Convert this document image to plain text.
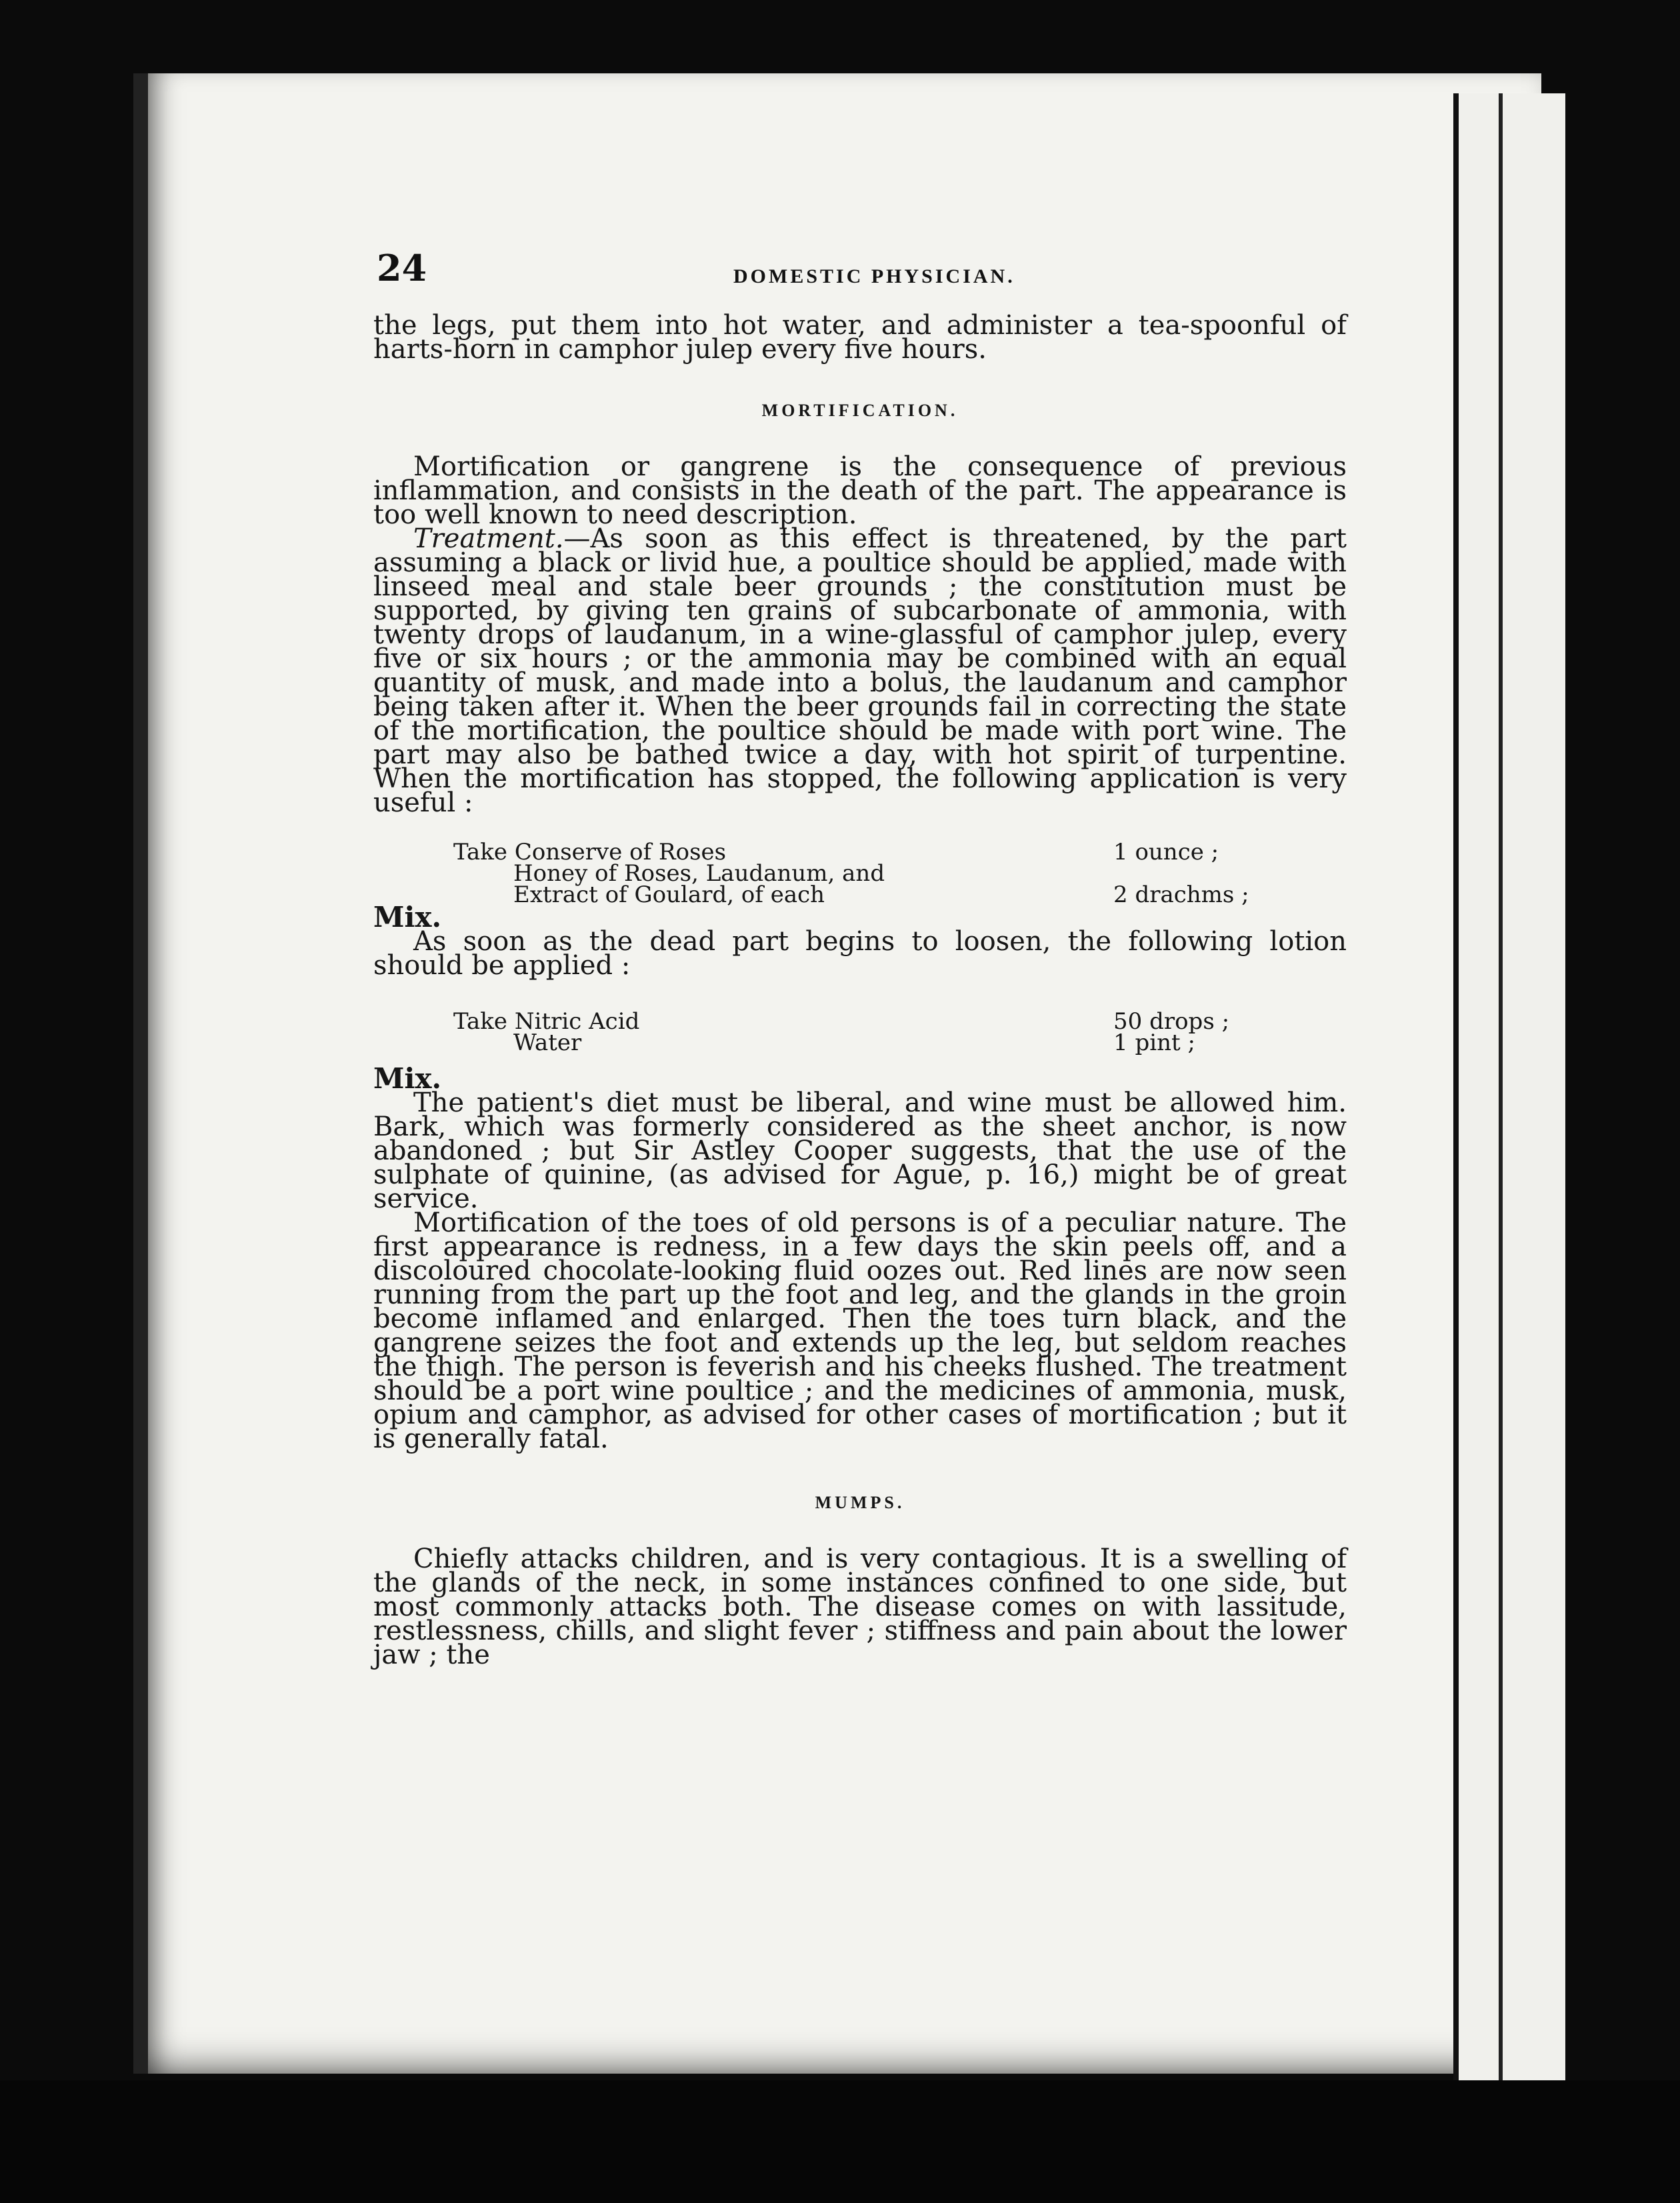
24	DOMESTIC PHYSICIAN.

the legs, put them into hot water, and administer a tea-spoonful of harts-horn in camphor julep every five hours.

MORTIFICATION.

Mortification or gangrene is the consequence of previous inflammation, and consists in the death of the part. The appearance is too well known to need description.

Treatment.—As soon as this effect is threatened, by the part assuming a black or livid hue, a poultice should be applied, made with linseed meal and stale beer grounds ; the constitution must be supported, by giving ten grains of subcarbonate of ammonia, with twenty drops of laudanum, in a wine-glassful of camphor julep, every five or six hours ; or the ammonia may be combined with an equal quantity of musk, and made into a bolus, the laudanum and camphor being taken after it. When the beer grounds fail in correcting the state of the mortification, the poultice should be made with port wine. The part may also be bathed twice a day, with hot spirit of turpentine. When the mortification has stopped, the following application is very useful :

Take Conserve of Roses	1 ounce ;
Honey of Roses, Laudanum, and
Extract of Goulard, of each	2 drachms ;

Mix.

As soon as the dead part begins to loosen, the following lotion should be applied :

Take Nitric Acid	50 drops ;
Water	1 pint ;

Mix.

The patient's diet must be liberal, and wine must be allowed him. Bark, which was formerly considered as the sheet anchor, is now abandoned ; but Sir Astley Cooper suggests, that the use of the sulphate of quinine, (as advised for Ague, p. 16,) might be of great service.

Mortification of the toes of old persons is of a peculiar nature. The first appearance is redness, in a few days the skin peels off, and a discoloured chocolate-looking fluid oozes out. Red lines are now seen running from the part up the foot and leg, and the glands in the groin become inflamed and enlarged. Then the toes turn black, and the gangrene seizes the foot and extends up the leg, but seldom reaches the thigh. The person is feverish and his cheeks flushed. The treatment should be a port wine poultice ; and the medicines of ammonia, musk, opium and camphor, as advised for other cases of mortification ; but it is generally fatal.

MUMPS.

Chiefly attacks children, and is very contagious. It is a swelling of the glands of the neck, in some instances confined to one side, but most commonly attacks both. The disease comes on with lassitude, restlessness, chills, and slight fever ; stiffness and pain about the lower jaw ; the
